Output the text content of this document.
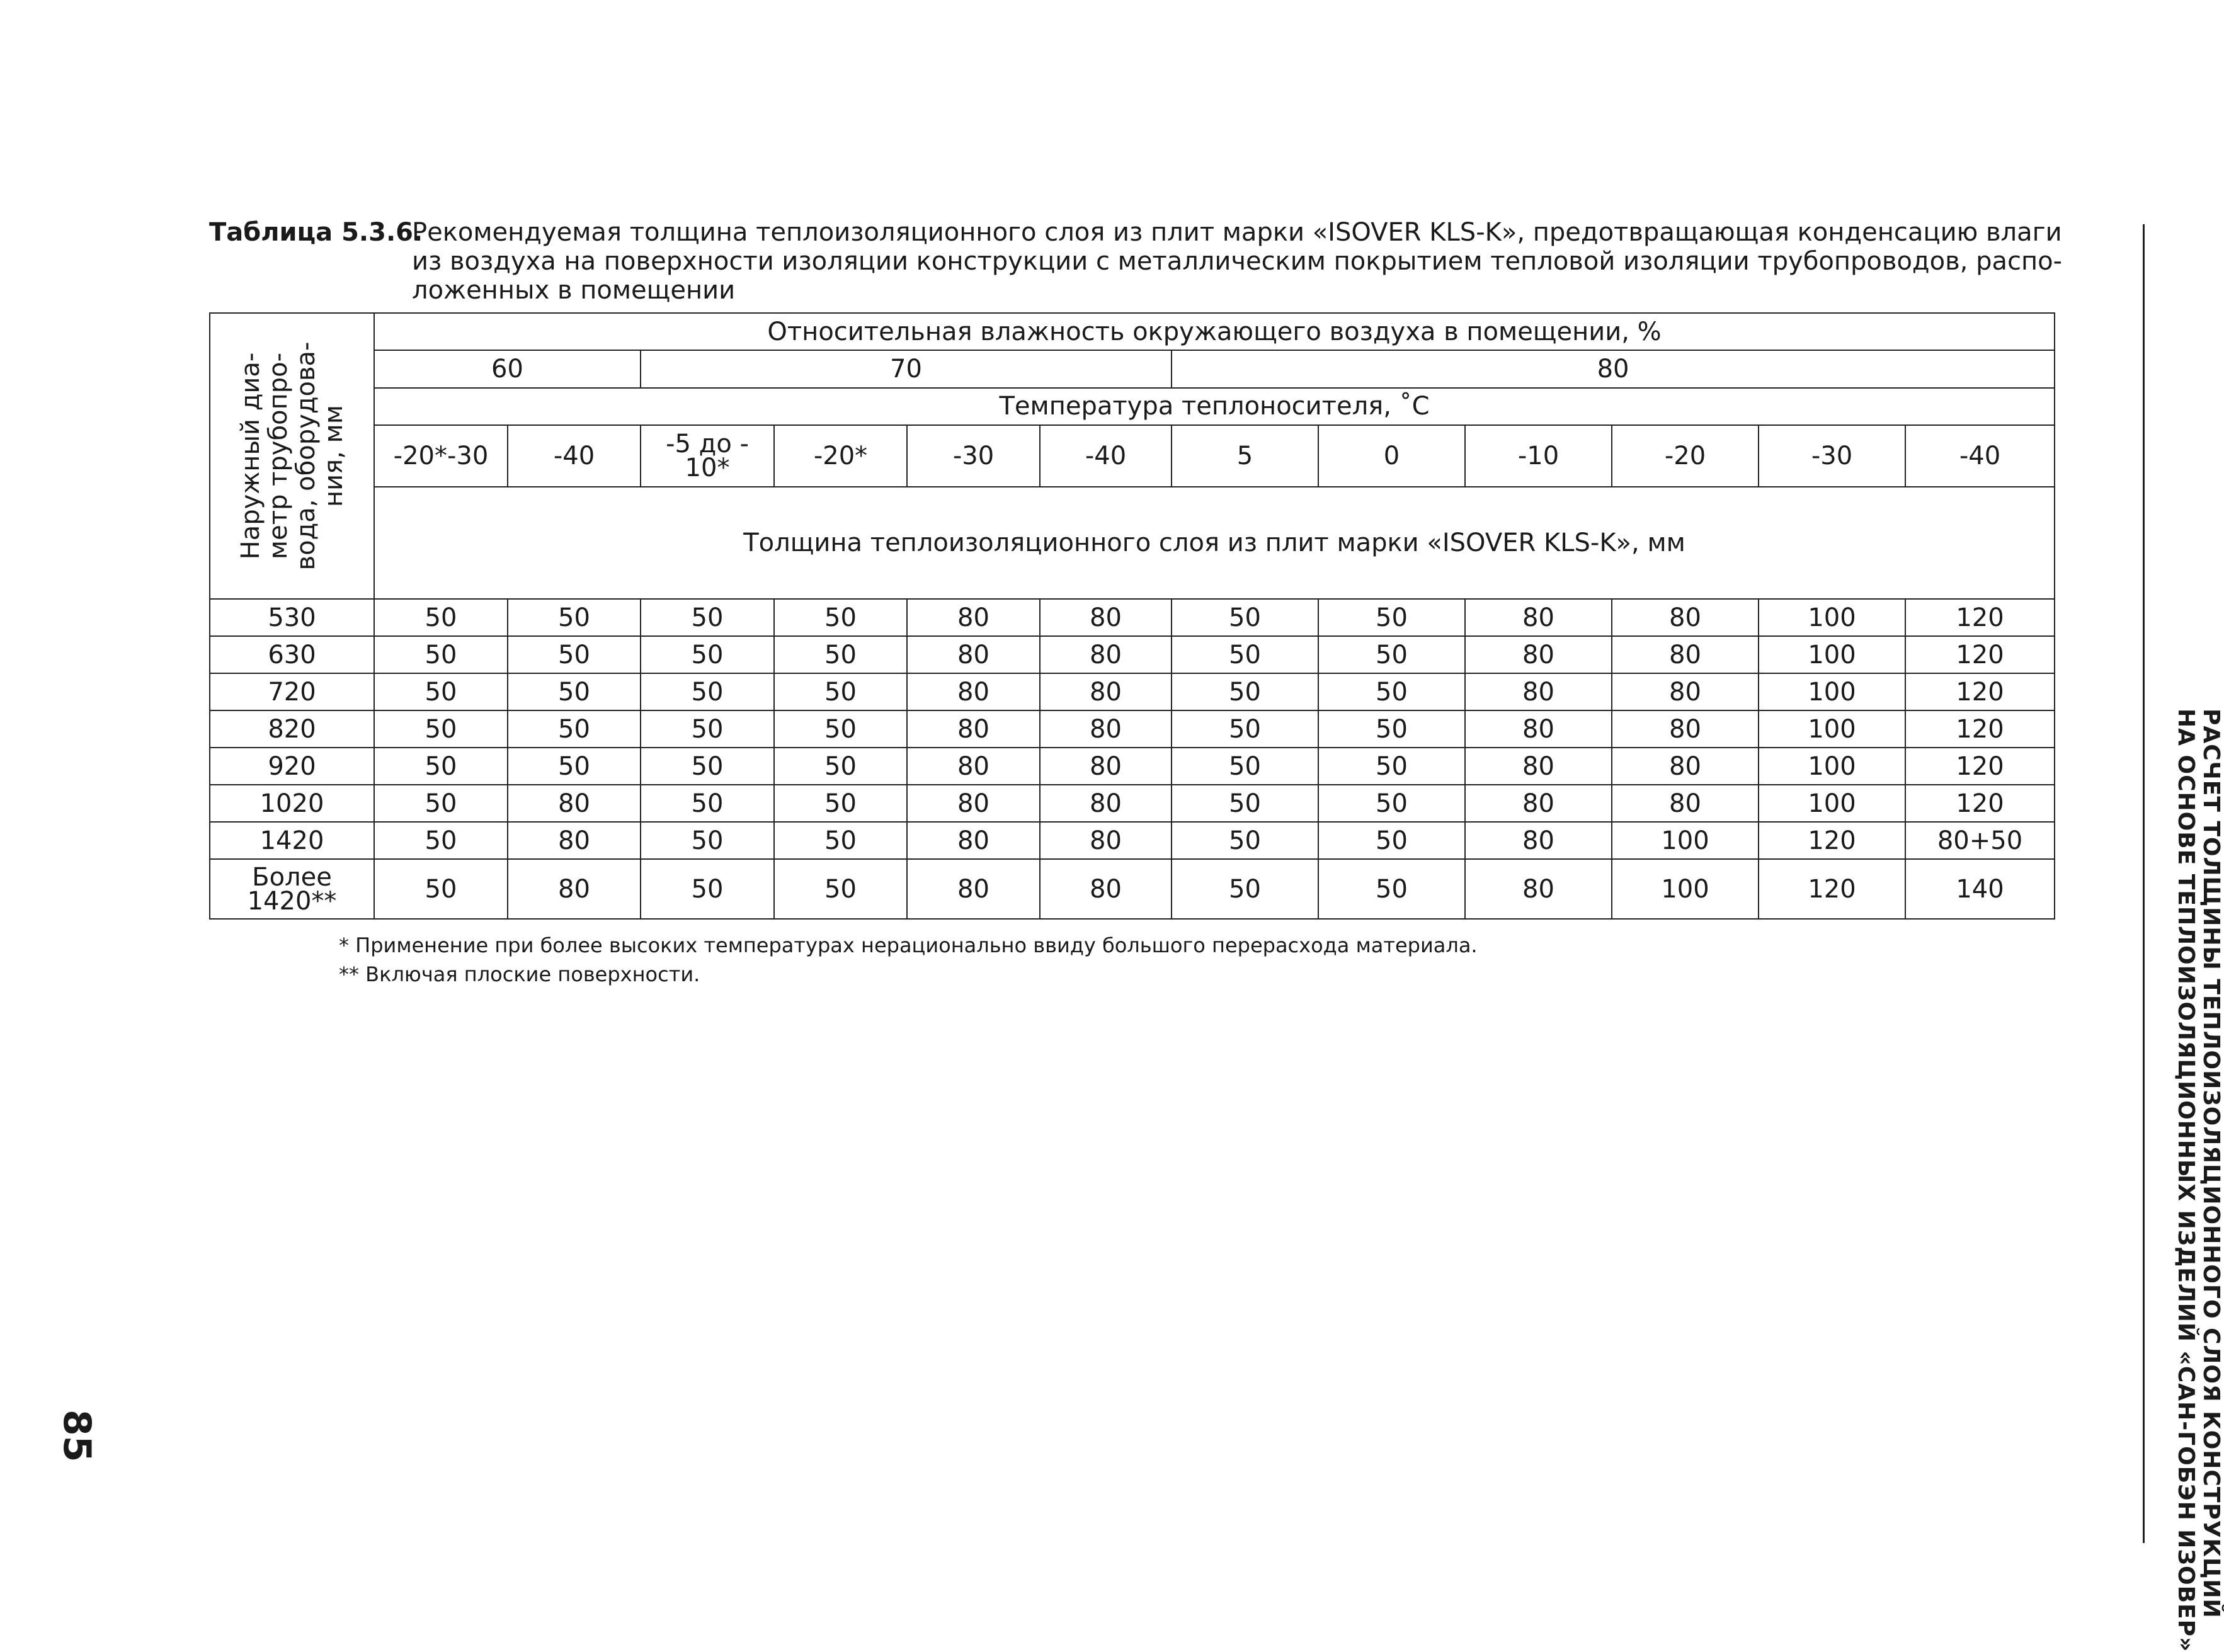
Таблица 5.3.6.
Рекомендуемая толщина теплоизоляционного слоя из плит марки «ISOVER KLS-K», предотвращающая конденсацию влаги
из воздуха на поверхности изоляции конструкции с металлическим покрытием тепловой изоляции трубопроводов, распо-
ложенных в помещении
Наружный диа-
метр трубопро-
вода, оборудова-
ния, мм	Относительная влажность окружающего воздуха в помещении, %											
	60		70				80					
	Температура теплоносителя, ˚С											
	-20*-30	-40	-5 до -
10*	-20*	-30	-40	5	0	-10	-20	-30	-40
	Толщина теплоизоляционного слоя из плит марки «ISOVER KLS-K», мм											
530	50	50	50	50	80	80	50	50	80	80	100	120
630	50	50	50	50	80	80	50	50	80	80	100	120
720	50	50	50	50	80	80	50	50	80	80	100	120
820	50	50	50	50	80	80	50	50	80	80	100	120
920	50	50	50	50	80	80	50	50	80	80	100	120
1020	50	80	50	50	80	80	50	50	80	80	100	120
1420	50	80	50	50	80	80	50	50	80	100	120	80+50

Более
1420**	50	80	50	50	80	80	50	50	80	100	120	140
* Применение при более высоких температурах нерационально ввиду большого перерасхода материала.
** Включая плоские поверхности.	РАСЧЕТ ТОЛЩИНЫ ТЕПЛОИЗОЛЯЦИОННОГО СЛОЯ КОНСТРУКЦИЙ
НА ОСНОВЕ ТЕПЛОИЗОЛЯЦИОННЫХ ИЗДЕЛИЙ «САН-ГОБЭН ИЗОВЕР»
85
